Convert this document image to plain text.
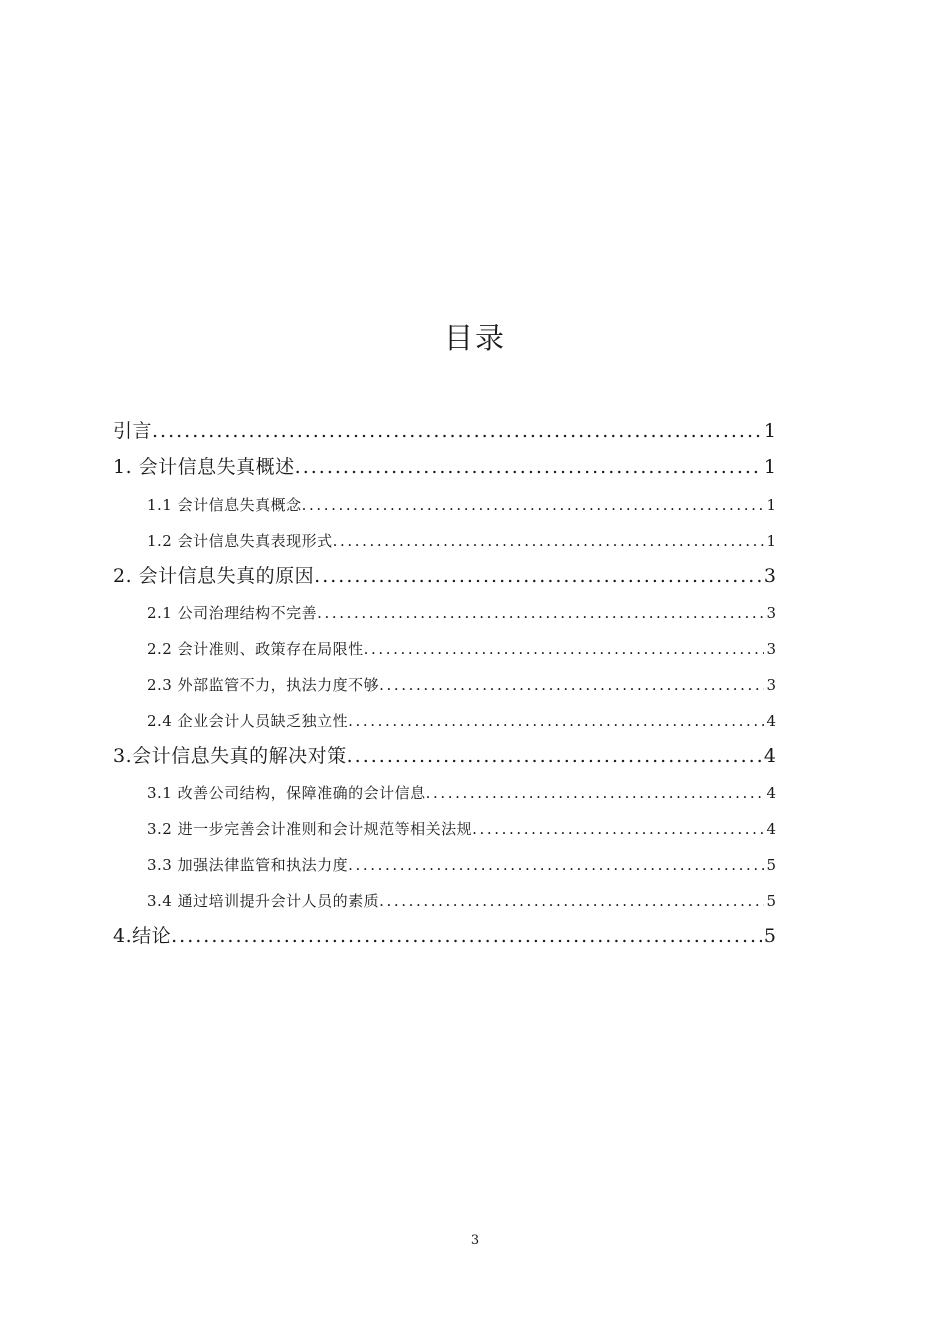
目录
引言 .....	1
1. 会计信息失真概述 .....	1
1.1 会计信息失真概念 .....	1
1.2 会计信息失真表现形式 .....	1
2. 会计信息失真的原因 .....	3
2.1 公司治理结构不完善 .....	3
2.2 会计准则、政策存在局限性 .....	3
2.3 外部监管不力，执法力度不够 .....	3
2.4 企业会计人员缺乏独立性 .....	4
3.会计信息失真的解决对策 .....	4
3.1 改善公司结构，保障准确的会计信息 .....	4
3.2 进一步完善会计准则和会计规范等相关法规 .....	4
3.3 加强法律监管和执法力度 .....	5
3.4 通过培训提升会计人员的素质 .....	5
4.结论 .....	5
3
